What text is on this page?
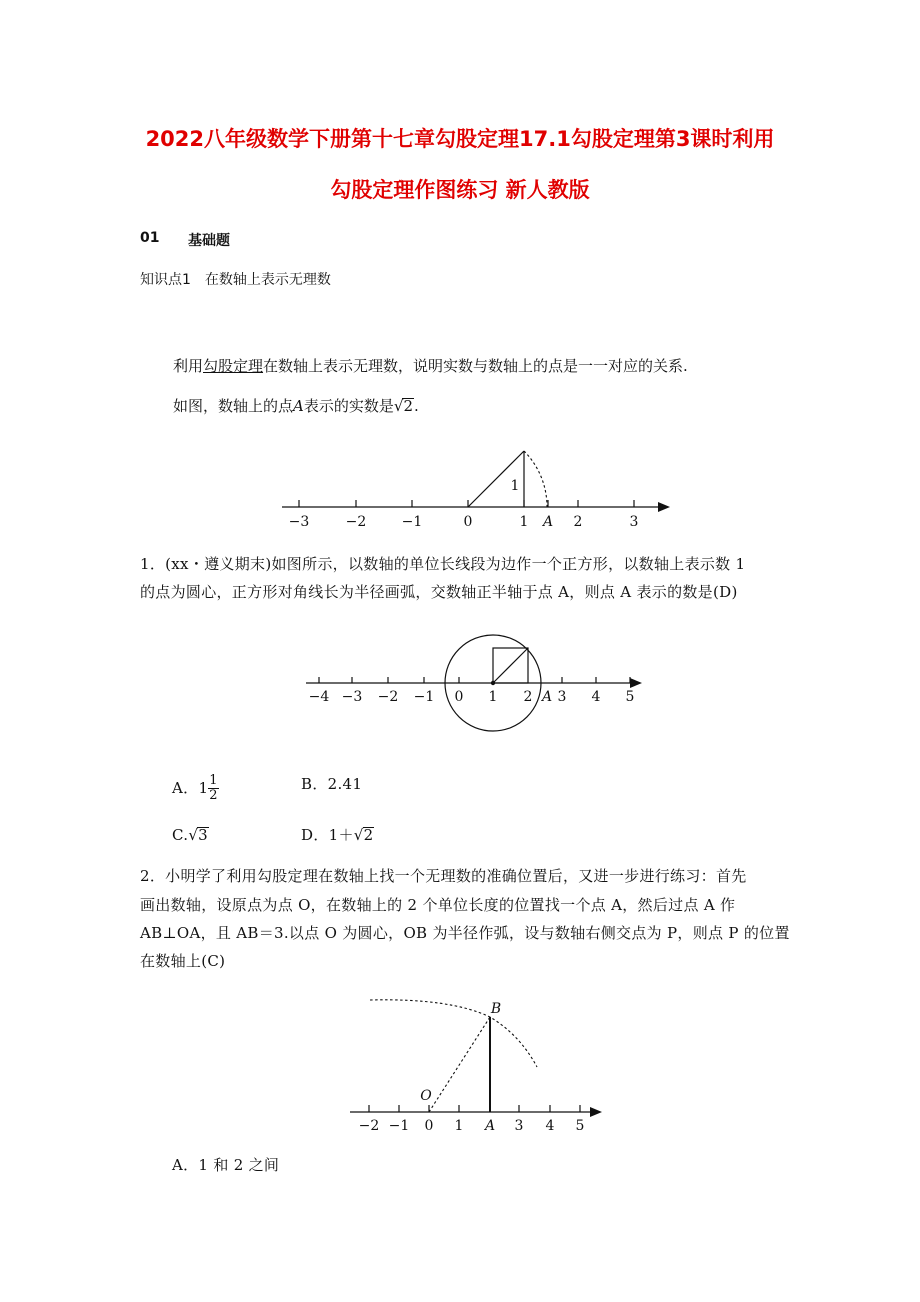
2022八年级数学下册第十七章勾股定理17.1勾股定理第3课时利用
勾股定理作图练习 新人教版
01 基础题
知识点1　在数轴上表示无理数
利用勾股定理在数轴上表示无理数，说明实数与数轴上的点是一一对应的关系.
如图，数轴上的点A表示的实数是√2.
1
−3	−2	−1	0	1 A 2	3
1．(xx・遵义期末)如图所示，以数轴的单位长线段为边作一个正方形，以数轴上表示数 1
的点为圆心，正方形对角线长为半径画弧，交数轴正半轴于点 A，则点 A 表示的数是(D)
−4 −3 −2 −1 0 1 2 A 3 4 5
A． $1 \frac{1}{2}$	B．2.41
C.√3	D．1＋√2
2．小明学了利用勾股定理在数轴上找一个无理数的准确位置后，又进一步进行练习：首先
画出数轴，设原点为点 O，在数轴上的 2 个单位长度的位置找一个点 A，然后过点 A 作
AB⊥OA，且 AB＝3.以点 O 为圆心，OB 为半径作弧，设与数轴右侧交点为 P，则点 P 的位置
在数轴上(C)
B
O
−2 −1 0 1 A 3 4 5
A．1 和 2 之间
